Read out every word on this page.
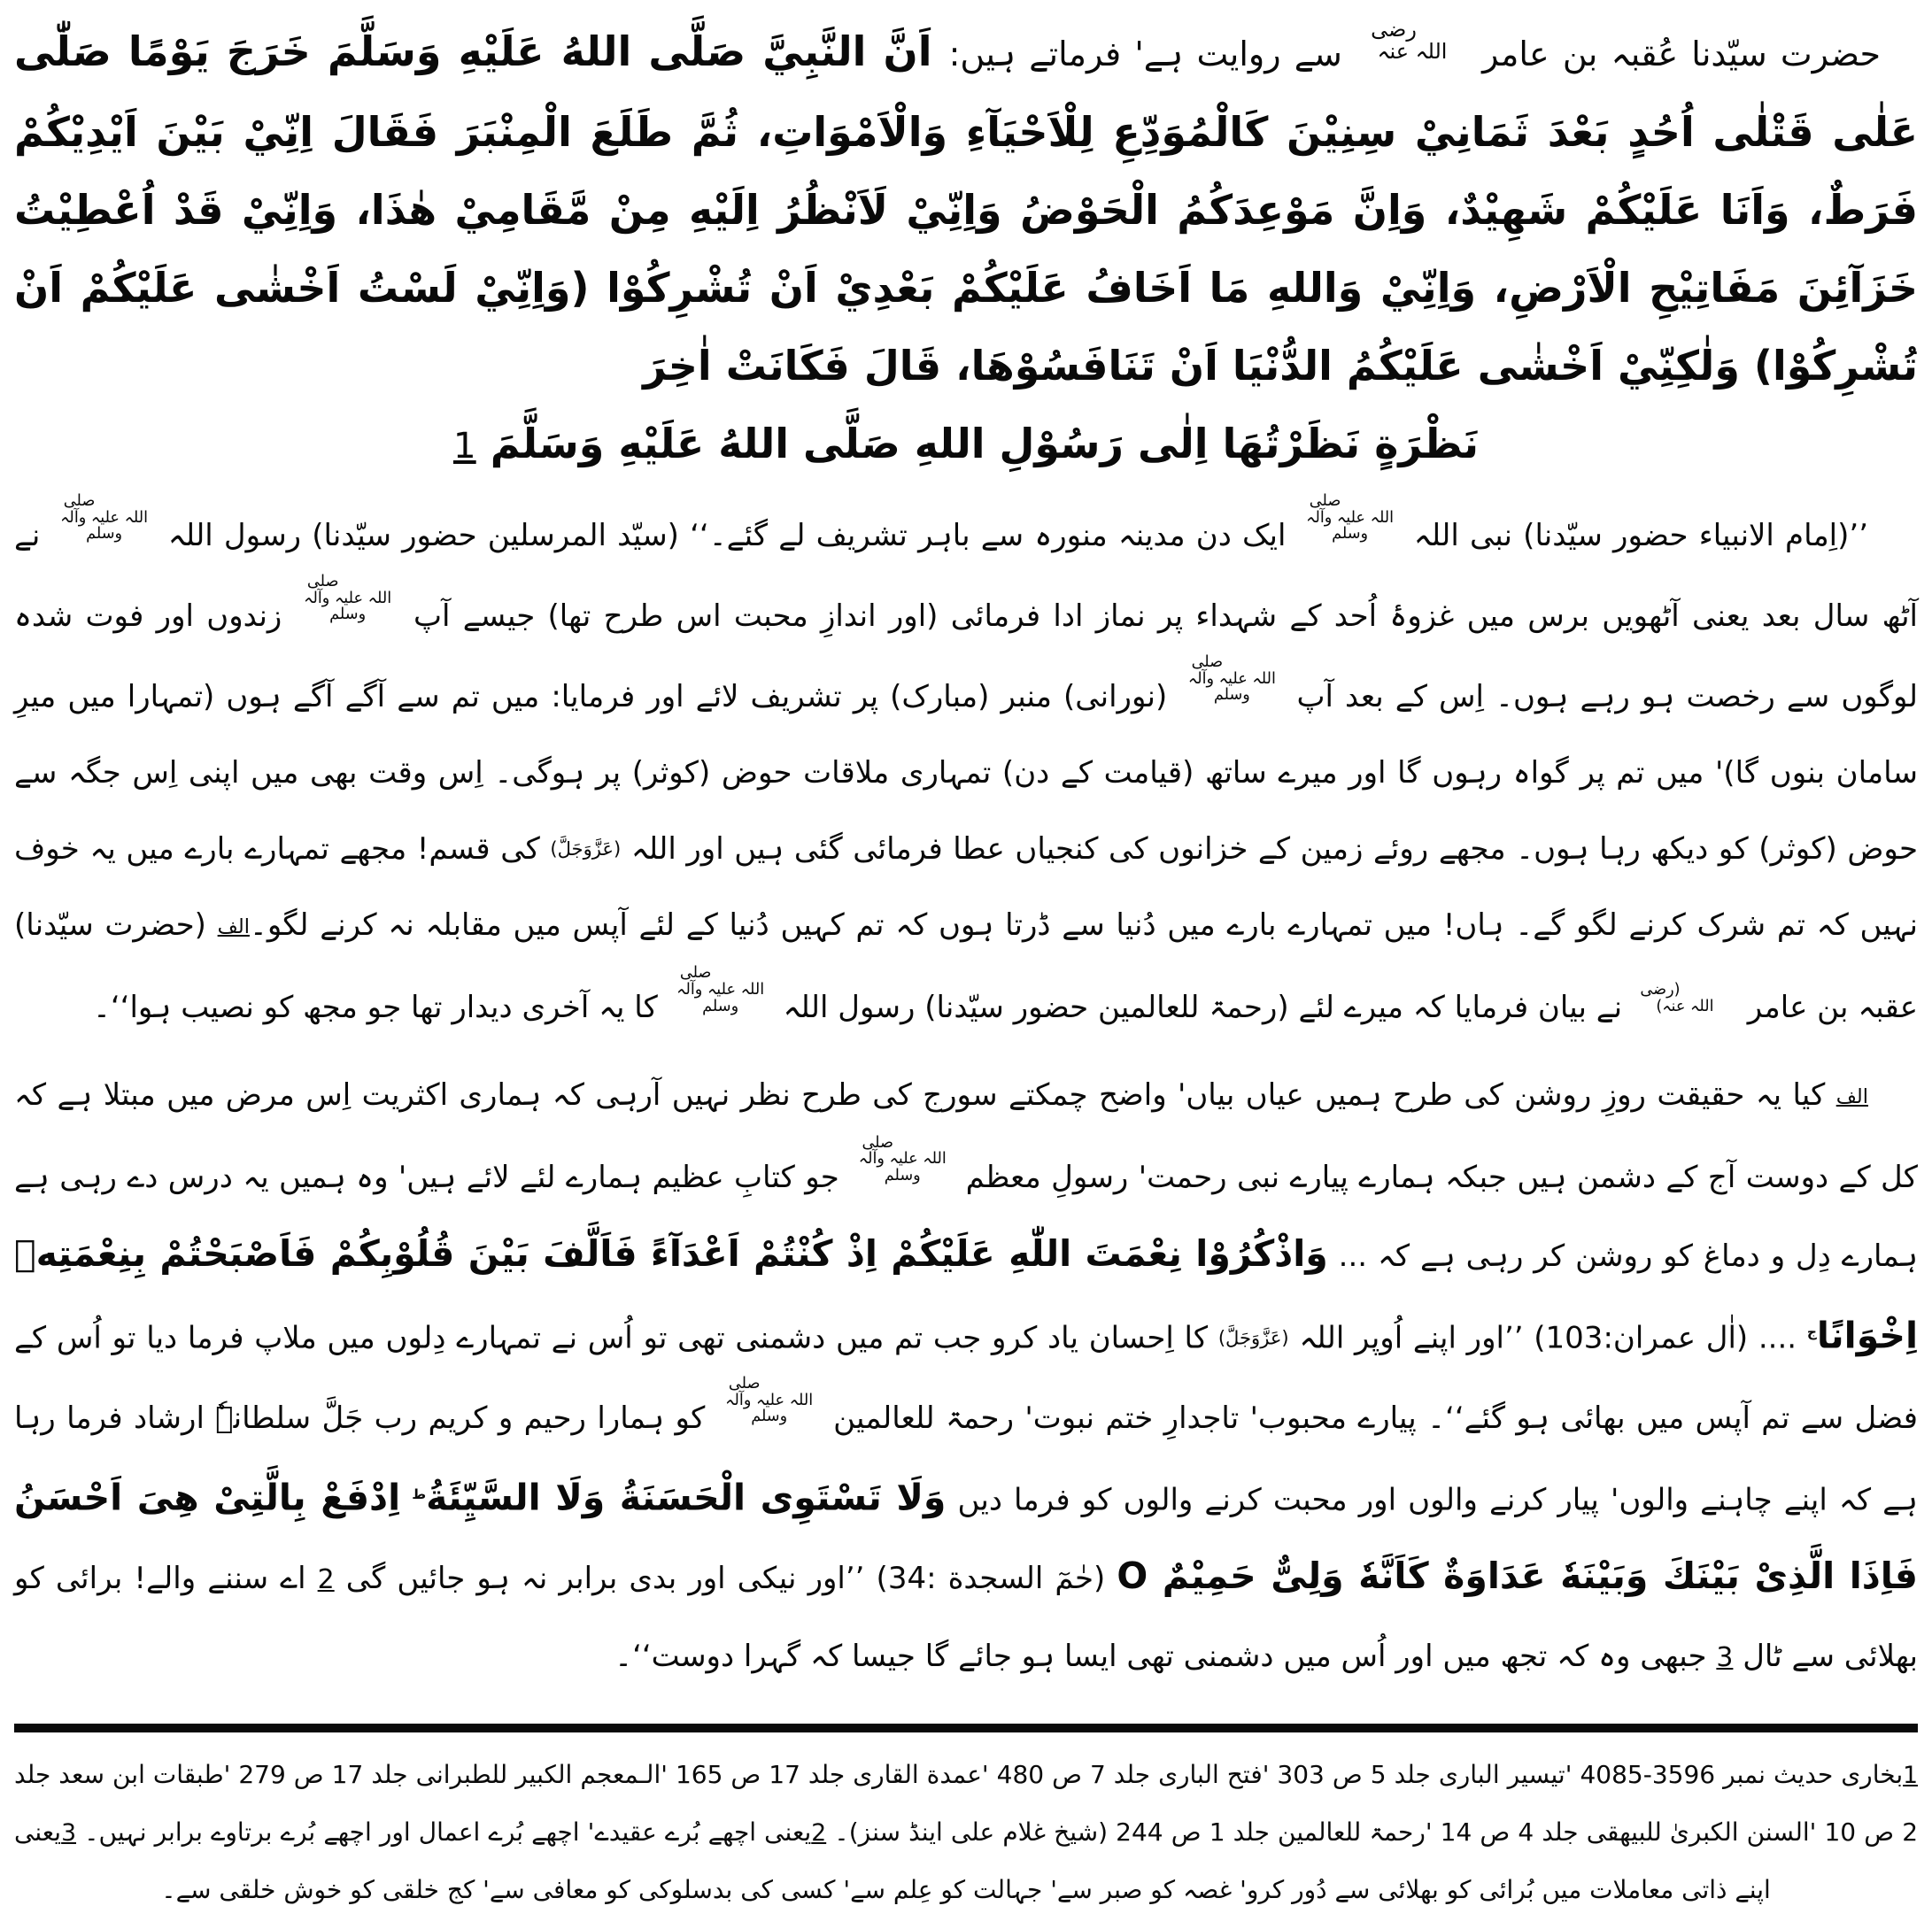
حضرت سیّدنا عُقبہ بن عامر رضی اللہ عنہ سے روایت ہے' فرماتے ہیں: اَنَّ النَّبِيَّ صَلَّى اللهُ عَلَيْهِ وَسَلَّمَ خَرَجَ يَوْمًا صَلّٰى عَلٰى قَتْلٰى اُحُدٍ بَعْدَ ثَمَانِيْ سِنِيْنَ كَالْمُوَدِّعِ لِلْاَحْيَآءِ وَالْاَمْوَاتِ، ثُمَّ طَلَعَ الْمِنْبَرَ فَقَالَ اِنِّيْ بَيْنَ اَيْدِيْكُمْ فَرَطٌ، وَاَنَا عَلَيْكُمْ شَهِيْدٌ، وَاِنَّ مَوْعِدَكُمُ الْحَوْضُ وَاِنِّيْ لَاَنْظُرُ اِلَيْهِ مِنْ مَّقَامِيْ هٰذَا، وَاِنِّيْ قَدْ اُعْطِيْتُ خَزَآئِنَ مَفَاتِيْحِ الْاَرْضِ، وَاِنِّيْ وَاللهِ مَا اَخَافُ عَلَيْكُمْ بَعْدِيْ اَنْ تُشْرِكُوْا (وَاِنِّيْ لَسْتُ اَخْشٰى عَلَيْكُمْ اَنْ تُشْرِكُوْا) وَلٰكِنِّيْ اَخْشٰى عَلَيْكُمُ الدُّنْيَا اَنْ تَنَافَسُوْهَا، قَالَ فَكَانَتْ اٰخِرَ

نَظْرَةٍ نَظَرْتُهَا اِلٰى رَسُوْلِ اللهِ صَلَّى اللهُ عَلَيْهِ وَسَلَّمَ 1

’’(اِمام الانبیاء حضور سیّدنا) نبی اللہ صلی اللہ علیہ وآلہ وسلم ایک دن مدینہ منورہ سے باہر تشریف لے گئے۔‘‘ (سیّد المرسلین حضور سیّدنا) رسول اللہ صلی اللہ علیہ وآلہ وسلم نے آٹھ سال بعد یعنی آٹھویں برس میں غزوۂ اُحد کے شہداء پر نماز ادا فرمائی (اور اندازِ محبت اس طرح تھا) جیسے آپ صلی اللہ علیہ وآلہ وسلم زندوں اور فوت شدہ لوگوں سے رخصت ہو رہے ہوں۔ اِس کے بعد آپ صلی اللہ علیہ وآلہ وسلم (نورانی) منبر (مبارک) پر تشریف لائے اور فرمایا: میں تم سے آگے آگے ہوں (تمہارا میں میرِ سامان بنوں گا)' میں تم پر گواہ رہوں گا اور میرے ساتھ (قیامت کے دن) تمہاری ملاقات حوض (کوثر) پر ہوگی۔ اِس وقت بھی میں اپنی اِس جگہ سے حوض (کوثر) کو دیکھ رہا ہوں۔ مجھے روئے زمین کے خزانوں کی کنجیاں عطا فرمائی گئی ہیں اور اللہ (عَزَّوَجَلَّ) کی قسم! مجھے تمہارے بارے میں یہ خوف نہیں کہ تم شرک کرنے لگو گے۔ ہاں! میں تمہارے بارے میں دُنیا سے ڈرتا ہوں کہ تم کہیں دُنیا کے لئے آپس میں مقابلہ نہ کرنے لگو۔الف (حضرت سیّدنا) عقبہ بن عامر (رضی اللہ عنہ) نے بیان فرمایا کہ میرے لئے (رحمۃ للعالمین حضور سیّدنا) رسول اللہ صلی اللہ علیہ وآلہ وسلم کا یہ آخری دیدار تھا جو مجھ کو نصیب ہوا‘‘۔

الف کیا یہ حقیقت روزِ روشن کی طرح ہمیں عیاں بیاں' واضح چمکتے سورج کی طرح نظر نہیں آرہی کہ ہماری اکثریت اِس مرض میں مبتلا ہے کہ کل کے دوست آج کے دشمن ہیں جبکہ ہمارے پیارے نبی رحمت' رسولِ معظم صلی اللہ علیہ وآلہ وسلم جو کتابِ عظیم ہمارے لئے لائے ہیں' وہ ہمیں یہ درس دے رہی ہے ہمارے دِل و دماغ کو روشن کر رہی ہے کہ ... وَاذْكُرُوْا نِعْمَتَ اللّٰهِ عَلَيْكُمْ اِذْ كُنْتُمْ اَعْدَآءً فَاَلَّفَ بَيْنَ قُلُوْبِكُمْ فَاَصْبَحْتُمْ بِنِعْمَتِهٖ اِخْوَانًا$^ج$ .... (اٰل عمران:103) ’’اور اپنے اُوپر اللہ (عَزَّوَجَلَّ) کا اِحسان یاد کرو جب تم میں دشمنی تھی تو اُس نے تمہارے دِلوں میں ملاپ فرما دیا تو اُس کے فضل سے تم آپس میں بھائی ہو گئے‘‘۔ پیارے محبوب' تاجدارِ ختم نبوت' رحمۃ للعالمین صلی اللہ علیہ وآلہ وسلم کو ہمارا رحیم و کریم رب جَلَّ سلطانہٗ ارشاد فرما رہا ہے کہ اپنے چاہنے والوں' پیار کرنے والوں اور محبت کرنے والوں کو فرما دیں وَلَا تَسْتَوِى الْحَسَنَةُ وَلَا السَّيِّئَةُ$^ط$ اِدْفَعْ بِالَّتِىْ هِىَ اَحْسَنُ فَاِذَا الَّذِىْ بَيْنَكَ وَبَيْنَهٗ عَدَاوَةٌ كَاَنَّهٗ وَلِىٌّ حَمِيْمٌ O (حٰمٓ السجدة :34) ’’اور نیکی اور بدی برابر نہ ہو جائیں گی 2 اے سننے والے! برائی کو بھلائی سے ٹال 3 جبھی وہ کہ تجھ میں اور اُس میں دشمنی تھی ایسا ہو جائے گا جیسا کہ گہرا دوست‘‘۔

1بخاری حدیث نمبر 3596-4085 'تیسیر الباری جلد 5 ص 303 'فتح الباری جلد 7 ص 480 'عمدة القاری جلد 17 ص 165 'الـمعجم الکبیر للطبرانی جلد 17 ص 279 'طبقات ابن سعد جلد 2 ص 10 'السنن الکبریٰ للبیهقی جلد 4 ص 14 'رحمۃ للعالمین جلد 1 ص 244 (شیخ غلام علی اینڈ سنز)۔ 2یعنی اچھے بُرے عقیدے' اچھے بُرے اعمال اور اچھے بُرے برتاوے برابر نہیں۔ 3یعنی اپنے ذاتی معاملات میں بُرائی کو بھلائی سے دُور کرو' غصہ کو صبر سے' جہالت کو عِلم سے' کسی کی بدسلوکی کو معافی سے' کج خلقی کو خوش خلقی سے۔
